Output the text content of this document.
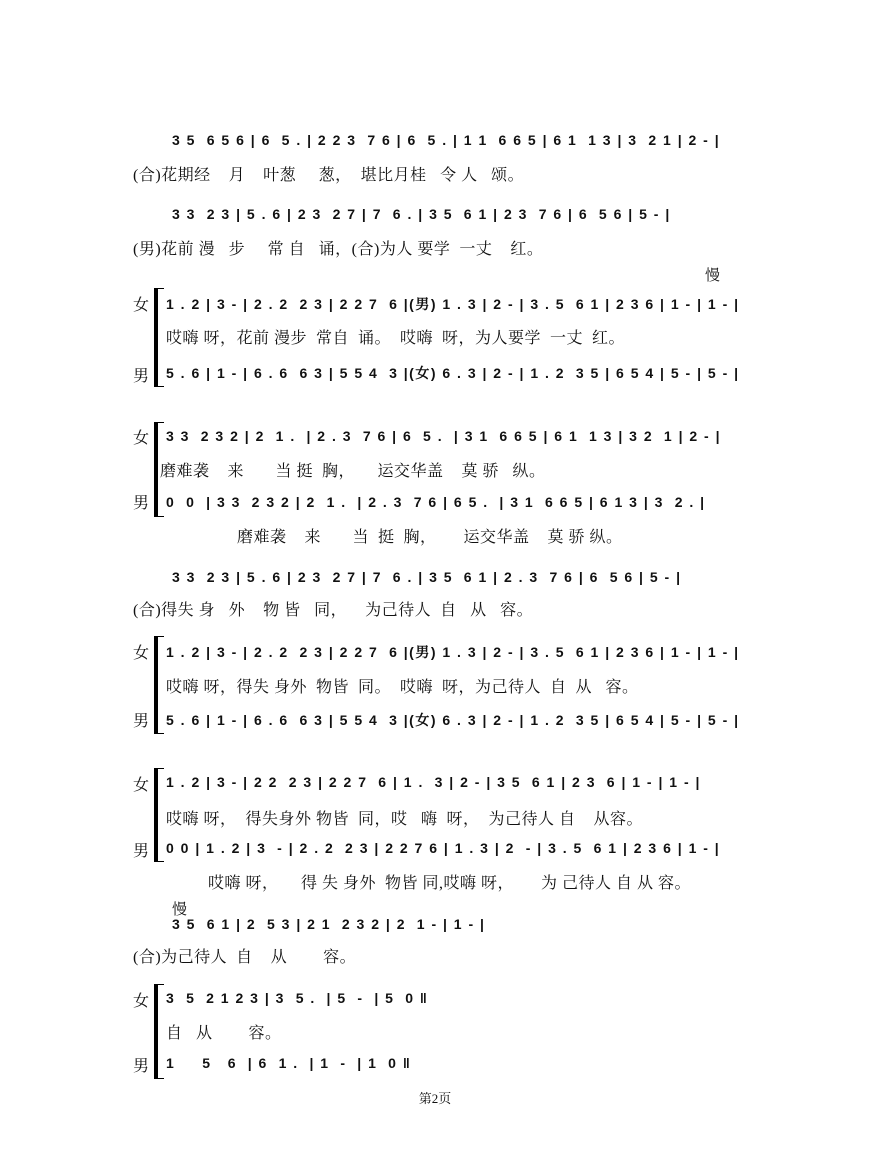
3 5  6 5 6 | 6  5 . | 2 2 3  7 6 | 6  5 . | 1 1  6 6 5 | 6 1  1 3 | 3  2 1 | 2 - |
(合)花期经    月    叶葱     葱，  堪比月桂   令 人   颂。
3 3  2 3 | 5 . 6 | 2 3  2 7 | 7  6 . | 3 5  6 1 | 2 3  7 6 | 6  5 6 | 5 - |
(男)花前 漫   步     常 自   诵，(合)为人 要学  一丈    红。
慢
女 1 . 2 | 3 - | 2 . 2  2 3 | 2 2 7  6 |(男) 1 . 3 | 2 - | 3 . 5  6 1 | 2 3 6 | 1 - | 1 - |
哎嗨 呀，花前 漫步  常自  诵。  哎嗨  呀，为人要学  一丈  红。
男 5 . 6 | 1 - | 6 . 6  6 3 | 5 5 4  3 |(女) 6 . 3 | 2 - | 1 . 2  3 5 | 6 5 4 | 5 - | 5 - |
女 3 3  2 3 2 | 2  1 .  | 2 . 3  7 6 | 6  5 .  | 3 1  6 6 5 | 6 1  1 3 | 3 2  1 | 2 - |
磨难袭    来       当 挺  胸，     运交华盖    莫 骄   纵。
男 0  0  | 3 3  2 3 2 | 2  1 .  | 2 . 3  7 6 | 6 5 .  | 3 1  6 6 5 | 6 1 3 | 3  2 . |
磨难袭    来       当  挺  胸，      运交华盖    莫 骄 纵。
3 3  2 3 | 5 . 6 | 2 3  2 7 | 7  6 . | 3 5  6 1 | 2 . 3  7 6 | 6  5 6 | 5 - |
(合)得失 身   外    物 皆   同，    为己待人  自   从   容。
女 1 . 2 | 3 - | 2 . 2  2 3 | 2 2 7  6 |(男) 1 . 3 | 2 - | 3 . 5  6 1 | 2 3 6 | 1 - | 1 - |
哎嗨 呀，得失 身外  物皆  同。  哎嗨  呀，为己待人  自  从   容。
男 5 . 6 | 1 - | 6 . 6  6 3 | 5 5 4  3 |(女) 6 . 3 | 2 - | 1 . 2  3 5 | 6 5 4 | 5 - | 5 - |
女 1 . 2 | 3 - | 2 2  2 3 | 2 2 7  6 | 1 .  3 | 2 - | 3 5  6 1 | 2 3  6 | 1 - | 1 - |
哎嗨 呀，  得失身外 物皆  同，哎   嗨  呀，  为己待人 自    从容。
男 0 0 | 1 . 2 | 3  - | 2 . 2  2 3 | 2 2 7 6 | 1 . 3 | 2  - | 3 . 5  6 1 | 2 3 6 | 1 - |
哎嗨 呀，     得 失 身外  物皆 同,哎嗨 呀，      为 己待人 自 从 容。
慢
3 5  6 1 | 2  5 3 | 2 1  2 3 2 | 2  1 - | 1 - |
(合)为己待人  自    从        容。
女 3  5  2 1 2 3 | 3  5 .  | 5  -  | 5  0 ‖
自   从        容。
男 1     5   6  | 6  1 .  | 1  -  | 1  0 ‖
第2页
